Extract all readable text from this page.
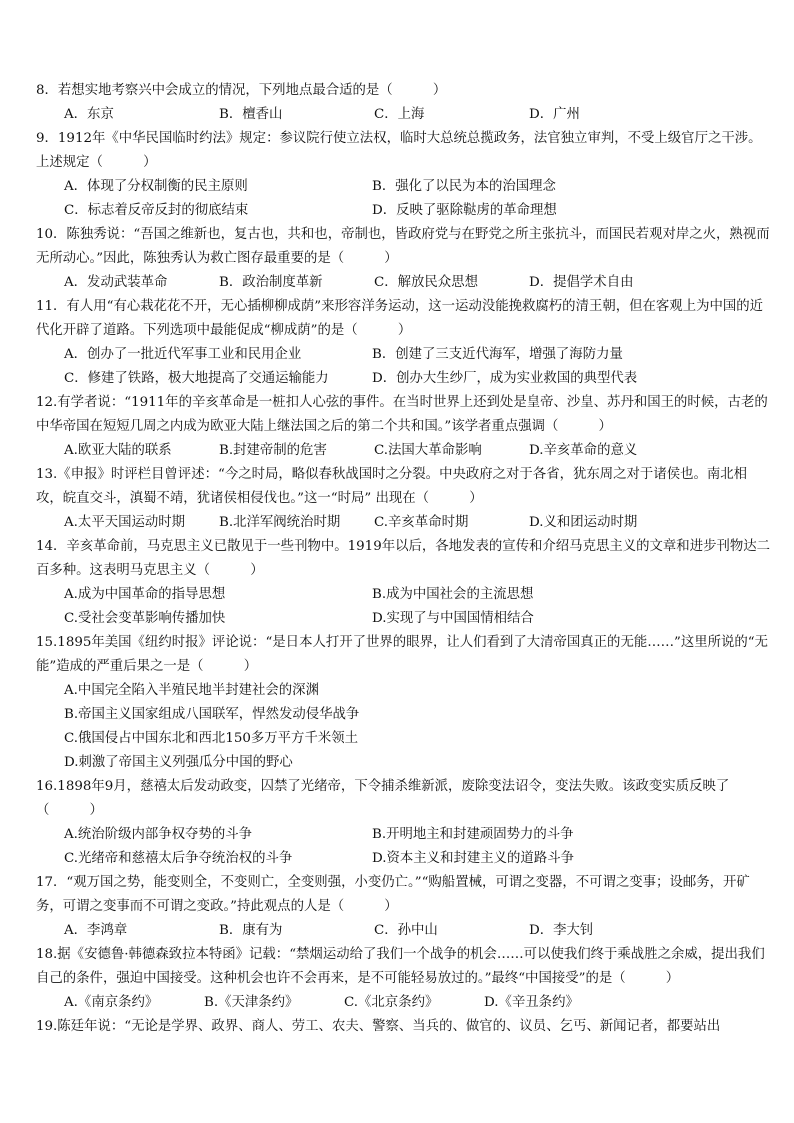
8．若想实地考察兴中会成立的情况，下列地点最合适的是（　　　）
A．东京	B．檀香山	C．上海	D．广州
9．1912年《中华民国临时约法》规定：参议院行使立法权，临时大总统总揽政务，法官独立审判，不受上级官厅之干涉。上述规定（　　　）
A．体现了分权制衡的民主原则	B．强化了以民为本的治国理念
C．标志着反帝反封的彻底结束	D．反映了驱除鞑虏的革命理想
10．陈独秀说：“吾国之维新也，复古也，共和也，帝制也，皆政府党与在野党之所主张抗斗，而国民若观对岸之火，熟视而无所动心。”因此，陈独秀认为救亡图存最重要的是（　　　）
A．发动武装革命	B．政治制度革新	C．解放民众思想	D．提倡学术自由
11．有人用“有心栽花花不开，无心插柳柳成荫”来形容洋务运动，这一运动没能挽救腐朽的清王朝，但在客观上为中国的近代化开辟了道路。下列选项中最能促成“柳成荫”的是（　　　）
A．创办了一批近代军事工业和民用企业	B．创建了三支近代海军，增强了海防力量
C．修建了铁路，极大地提高了交通运输能力	D．创办大生纱厂，成为实业救国的典型代表
12.有学者说：“1911年的辛亥革命是一桩扣人心弦的事件。在当时世界上还到处是皇帝、沙皇、苏丹和国王的时候，古老的中华帝国在短短几周之内成为欧亚大陆上继法国之后的第二个共和国。”该学者重点强调（　　　）
A.欧亚大陆的联系	B.封建帝制的危害	C.法国大革命影响	D.辛亥革命的意义
13.《申报》时评栏目曾评述：“今之时局，略似春秋战国时之分裂。中央政府之对于各省，犹东周之对于诸侯也。南北相攻，皖直交斗，滇蜀不靖，犹诸侯相侵伐也。”这一“时局” 出现在（　　　）
A.太平天国运动时期	B.北洋军阀统治时期	C.辛亥革命时期	D.义和团运动时期
14．辛亥革命前，马克思主义已散见于一些刊物中。1919年以后，各地发表的宣传和介绍马克思主义的文章和进步刊物达二百多种。这表明马克思主义（　　　）
A.成为中国革命的指导思想	B.成为中国社会的主流思想
C.受社会变革影响传播加快	D.实现了与中国国情相结合
15.1895年美国《纽约时报》评论说：“是日本人打开了世界的眼界，让人们看到了大清帝国真正的无能……”这里所说的“无能”造成的严重后果之一是（　　　）
A.中国完全陷入半殖民地半封建社会的深渊
B.帝国主义国家组成八国联军，悍然发动侵华战争
C.俄国侵占中国东北和西北150多万平方千米领土
D.刺激了帝国主义列强瓜分中国的野心
16.1898年9月，慈禧太后发动政变，囚禁了光绪帝，下令捕杀维新派，废除变法诏令，变法失败。该政变实质反映了（　　　）
A.统治阶级内部争权夺势的斗争	B.开明地主和封建顽固势力的斗争
C.光绪帝和慈禧太后争夺统治权的斗争	D.资本主义和封建主义的道路斗争
17．“观万国之势，能变则全，不变则亡，全变则强，小变仍亡。”“购船置械，可谓之变器，不可谓之变事；设邮务，开矿务，可谓之变事而不可谓之变政。”持此观点的人是（　　　）
A．李鸿章	B．康有为	C．孙中山	D．李大钊
18.据《安德鲁·韩德森致拉本特函》记载：“禁烟运动给了我们一个战争的机会……可以使我们终于乘战胜之余威，提出我们自己的条件，强迫中国接受。这种机会也许不会再来，是不可能轻易放过的。”最终“中国接受”的是（　　　）
A.《南京条约》	B.《天津条约》	C.《北京条约》	D.《辛丑条约》
19.陈廷年说：“无论是学界、政界、商人、劳工、农夫、警察、当兵的、做官的、议员、乞丐、新闻记者，都要站出
